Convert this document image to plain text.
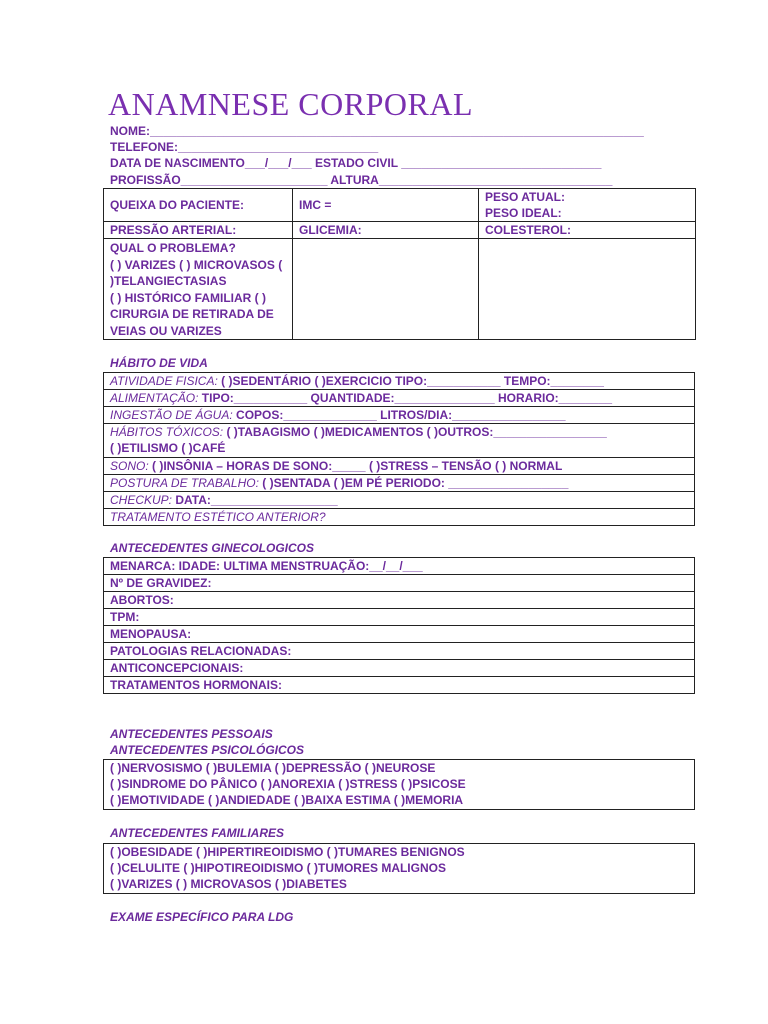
ANAMNESE CORPORAL
NOME:__________________________________________________________________________
TELEFONE:______________________________
DATA DE NASCIMENTO___/___/___ ESTADO CIVIL ______________________________
PROFISSÃO______________________ ALTURA___________________________________
QUEIXA DO PACIENTE:	IMC =	PESO ATUAL:
PESO IDEAL:

PRESSÃO ARTERIAL:	GLICEMIA:	COLESTEROL:

QUAL O PROBLEMA?
( ) VARIZES ( ) MICROVASOS ( )TELANGIECTASIAS
( ) HISTÓRICO FAMILIAR ( ) CIRURGIA DE RETIRADA DE VEIAS OU VARIZES		

HÁBITO DE VIDA
ATIVIDADE FISICA: ( )SEDENTÁRIO ( )EXERCICIO TIPO:___________ TEMPO:________
ALIMENTAÇÃO: TIPO:___________ QUANTIDADE:_______________ HORARIO:________
INGESTÃO DE ÁGUA: COPOS:______________ LITROS/DIA:_________________
HÁBITOS TÓXICOS: ( )TABAGISMO ( )MEDICAMENTOS ( )OUTROS:_________________
( )ETILISMO ( )CAFÉ

SONO: ( )INSÔNIA – HORAS DE SONO:_____ ( )STRESS – TENSÃO ( ) NORMAL
POSTURA DE TRABALHO: ( )SENTADA ( )EM PÉ PERIODO: __________________
CHECKUP: DATA:___________________
TRATAMENTO ESTÉTICO ANTERIOR?
ANTECEDENTES GINECOLOGICOS
MENARCA: IDADE: ULTIMA MENSTRUAÇÃO:__/__/___
Nº DE GRAVIDEZ:
ABORTOS:
TPM:
MENOPAUSA:
PATOLOGIAS RELACIONADAS:
ANTICONCEPCIONAIS:
TRATAMENTOS HORMONAIS:
ANTECEDENTES PESSOAIS
ANTECEDENTES PSICOLÓGICOS
( )NERVOSISMO ( )BULEMIA ( )DEPRESSÃO ( )NEUROSE
( )SINDROME DO PÂNICO ( )ANOREXIA ( )STRESS ( )PSICOSE
( )EMOTIVIDADE ( )ANDIEDADE ( )BAIXA ESTIMA ( )MEMORIA
ANTECEDENTES FAMILIARES
( )OBESIDADE ( )HIPERTIREOIDISMO ( )TUMARES BENIGNOS
( )CELULITE ( )HIPOTIREOIDISMO ( )TUMORES MALIGNOS
( )VARIZES ( ) MICROVASOS ( )DIABETES
EXAME ESPECÍFICO PARA LDG
